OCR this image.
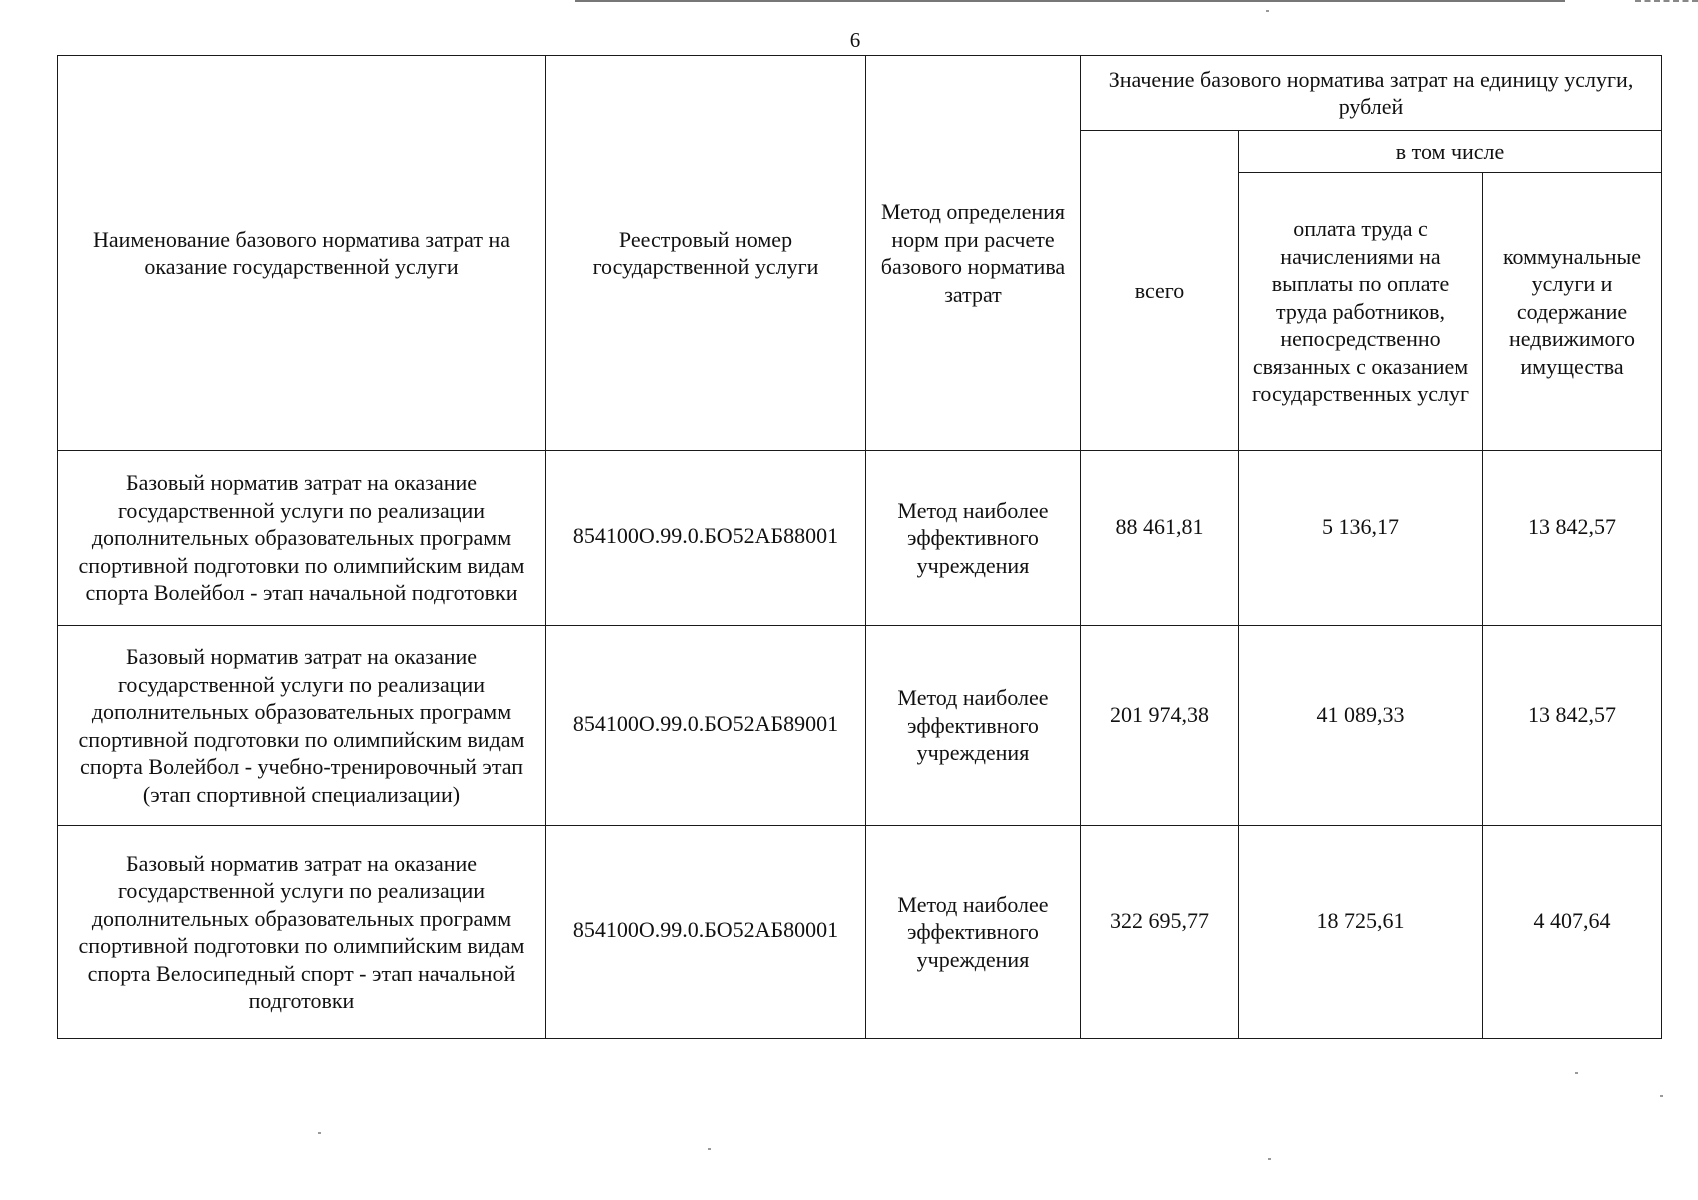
6
Наименование базового норматива затрат на оказание государственной услуги	Реестровый номер государственной услуги	Метод определения норм при расчете базового норматива затрат	Значение базового норматива затрат на единицу услуги, рублей		
			всего	в том числе	
				оплата труда с начислениями на выплаты по оплате труда работников, непосредственно связанных с оказанием государственных услуг	коммунальные услуги и содержание недвижимого имущества
Базовый норматив затрат на оказание государственной услуги по реализации дополнительных образовательных программ спортивной подготовки по олимпийским видам спорта Волейбол - этап начальной подготовки	854100О.99.0.БО52АБ88001	Метод наиболее эффективного учреждения	88 461,81	5 136,17	13 842,57
Базовый норматив затрат на оказание государственной услуги по реализации дополнительных образовательных программ спортивной подготовки по олимпийским видам спорта Волейбол - учебно-тренировочный этап (этап спортивной специализации)	854100О.99.0.БО52АБ89001	Метод наиболее эффективного учреждения	201 974,38	41 089,33	13 842,57
Базовый норматив затрат на оказание государственной услуги по реализации дополнительных образовательных программ спортивной подготовки по олимпийским видам спорта Велосипедный спорт - этап начальной подготовки	854100О.99.0.БО52АБ80001	Метод наиболее эффективного учреждения	322 695,77	18 725,61	4 407,64
